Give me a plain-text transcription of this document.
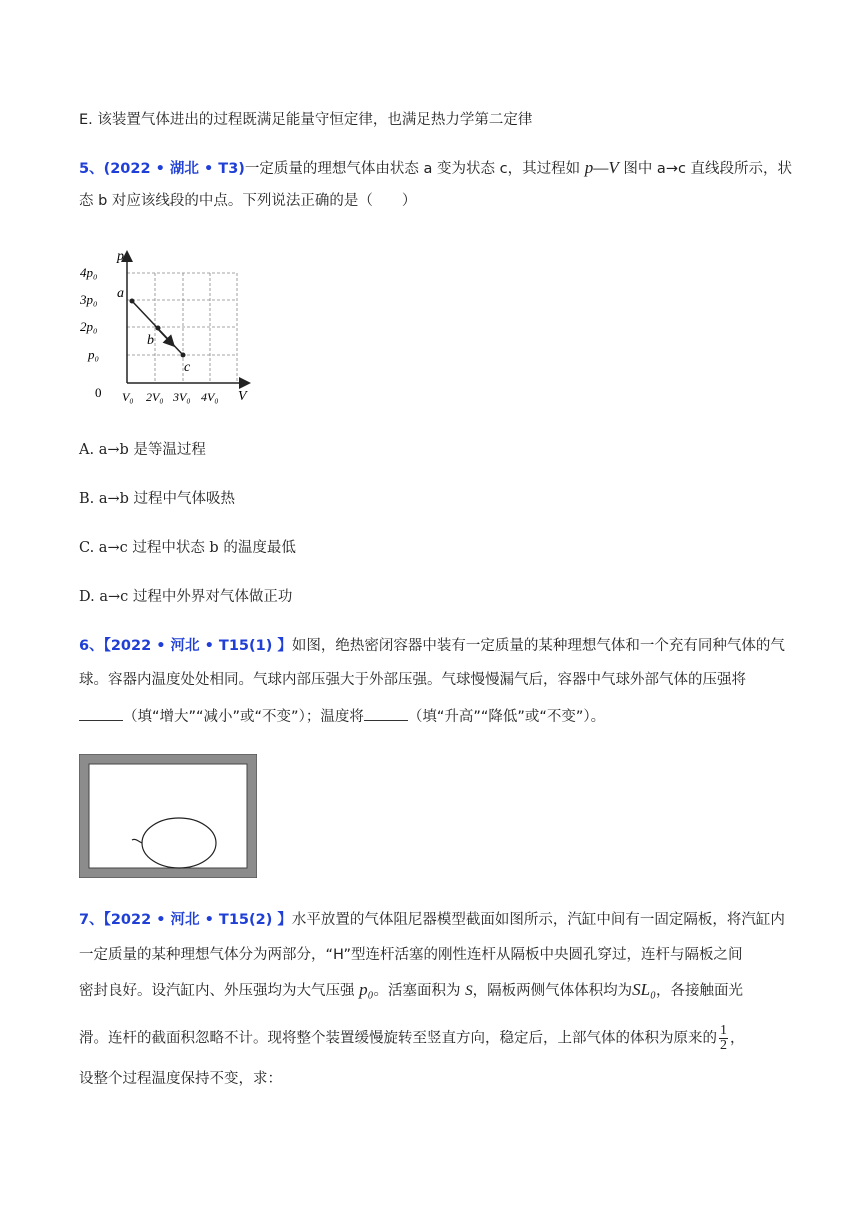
E. 该装置气体进出的过程既满足能量守恒定律，也满足热力学第二定律
5、(2022 • 湖北 • T3)一定质量的理想气体由状态 a 变为状态 c，其过程如 p—V 图中 a→c 直线段所示，状
态 b 对应该线段的中点。下列说法正确的是（　　）
p
V
0
4p₀
3p₀
2p₀
p₀
V₀ 2V₀ 3V₀ 4V₀
a
b
c
A. a→b 是等温过程
B. a→b 过程中气体吸热
C. a→c 过程中状态 b 的温度最低
D. a→c 过程中外界对气体做正功
6、【2022 • 河北 • T15(1) 】如图，绝热密闭容器中装有一定质量的某种理想气体和一个充有同种气体的气
球。容器内温度处处相同。气球内部压强大于外部压强。气球慢慢漏气后，容器中气球外部气体的压强将
（填“增大”“减小”或“不变”）；温度将	（填“升高”“降低”或“不变”）。
7、【2022 • 河北 • T15(2) 】水平放置的气体阻尼器模型截面如图所示，汽缸中间有一固定隔板，将汽缸内
一定质量的某种理想气体分为两部分，“H”型连杆活塞的刚性连杆从隔板中央圆孔穿过，连杆与隔板之间
密封良好。设汽缸内、外压强均为大气压强 p₀。活塞面积为 S，隔板两侧气体体积均为SL₀，各接触面光
滑。连杆的截面积忽略不计。现将整个装置缓慢旋转至竖直方向，稳定后，上部气体的体积为原来的 $\frac{1}{2}$ ，
设整个过程温度保持不变，求：
